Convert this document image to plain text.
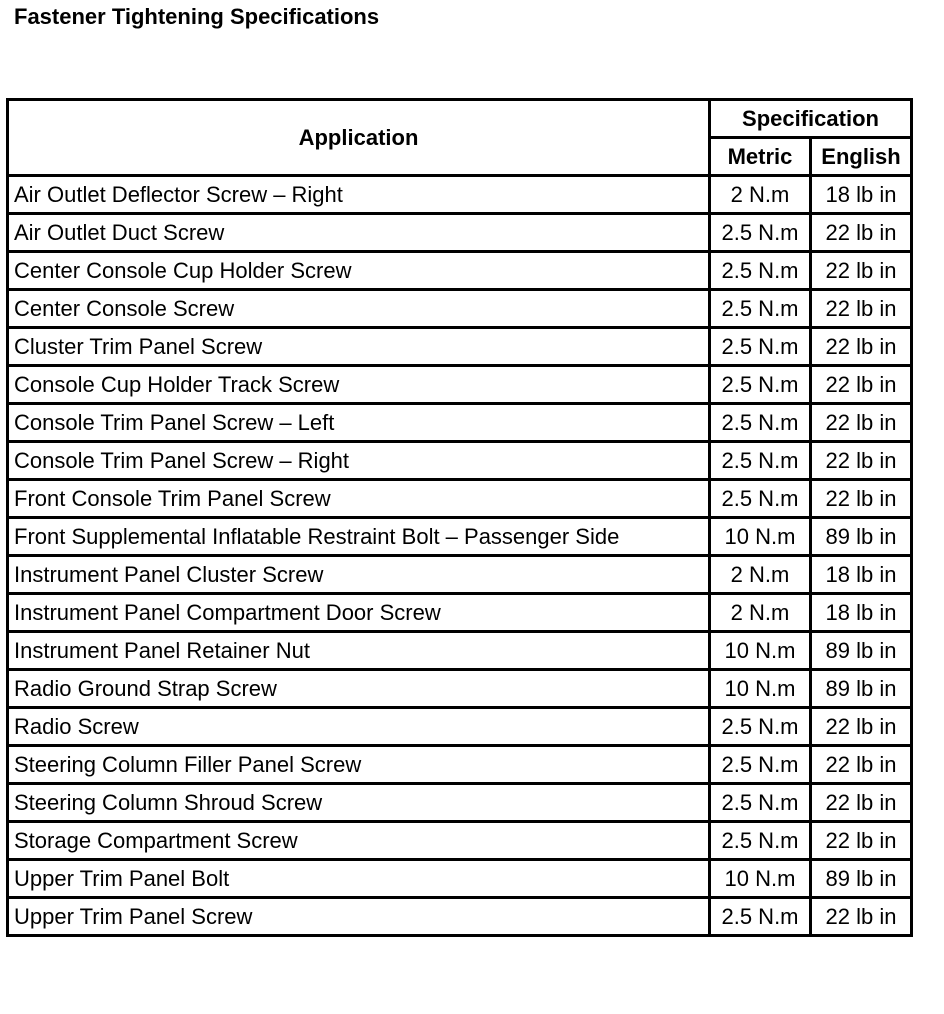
Fastener Tightening Specifications
Application	Specification	
	Metric	English
Air Outlet Deflector Screw – Right	2 N.m	18 lb in
Air Outlet Duct Screw	2.5 N.m	22 lb in
Center Console Cup Holder Screw	2.5 N.m	22 lb in
Center Console Screw	2.5 N.m	22 lb in
Cluster Trim Panel Screw	2.5 N.m	22 lb in
Console Cup Holder Track Screw	2.5 N.m	22 lb in
Console Trim Panel Screw – Left	2.5 N.m	22 lb in
Console Trim Panel Screw – Right	2.5 N.m	22 lb in
Front Console Trim Panel Screw	2.5 N.m	22 lb in
Front Supplemental Inflatable Restraint Bolt – Passenger Side	10 N.m	89 lb in
Instrument Panel Cluster Screw	2 N.m	18 lb in
Instrument Panel Compartment Door Screw	2 N.m	18 lb in
Instrument Panel Retainer Nut	10 N.m	89 lb in
Radio Ground Strap Screw	10 N.m	89 lb in
Radio Screw	2.5 N.m	22 lb in
Steering Column Filler Panel Screw	2.5 N.m	22 lb in
Steering Column Shroud Screw	2.5 N.m	22 lb in
Storage Compartment Screw	2.5 N.m	22 lb in
Upper Trim Panel Bolt	10 N.m	89 lb in
Upper Trim Panel Screw	2.5 N.m	22 lb in
